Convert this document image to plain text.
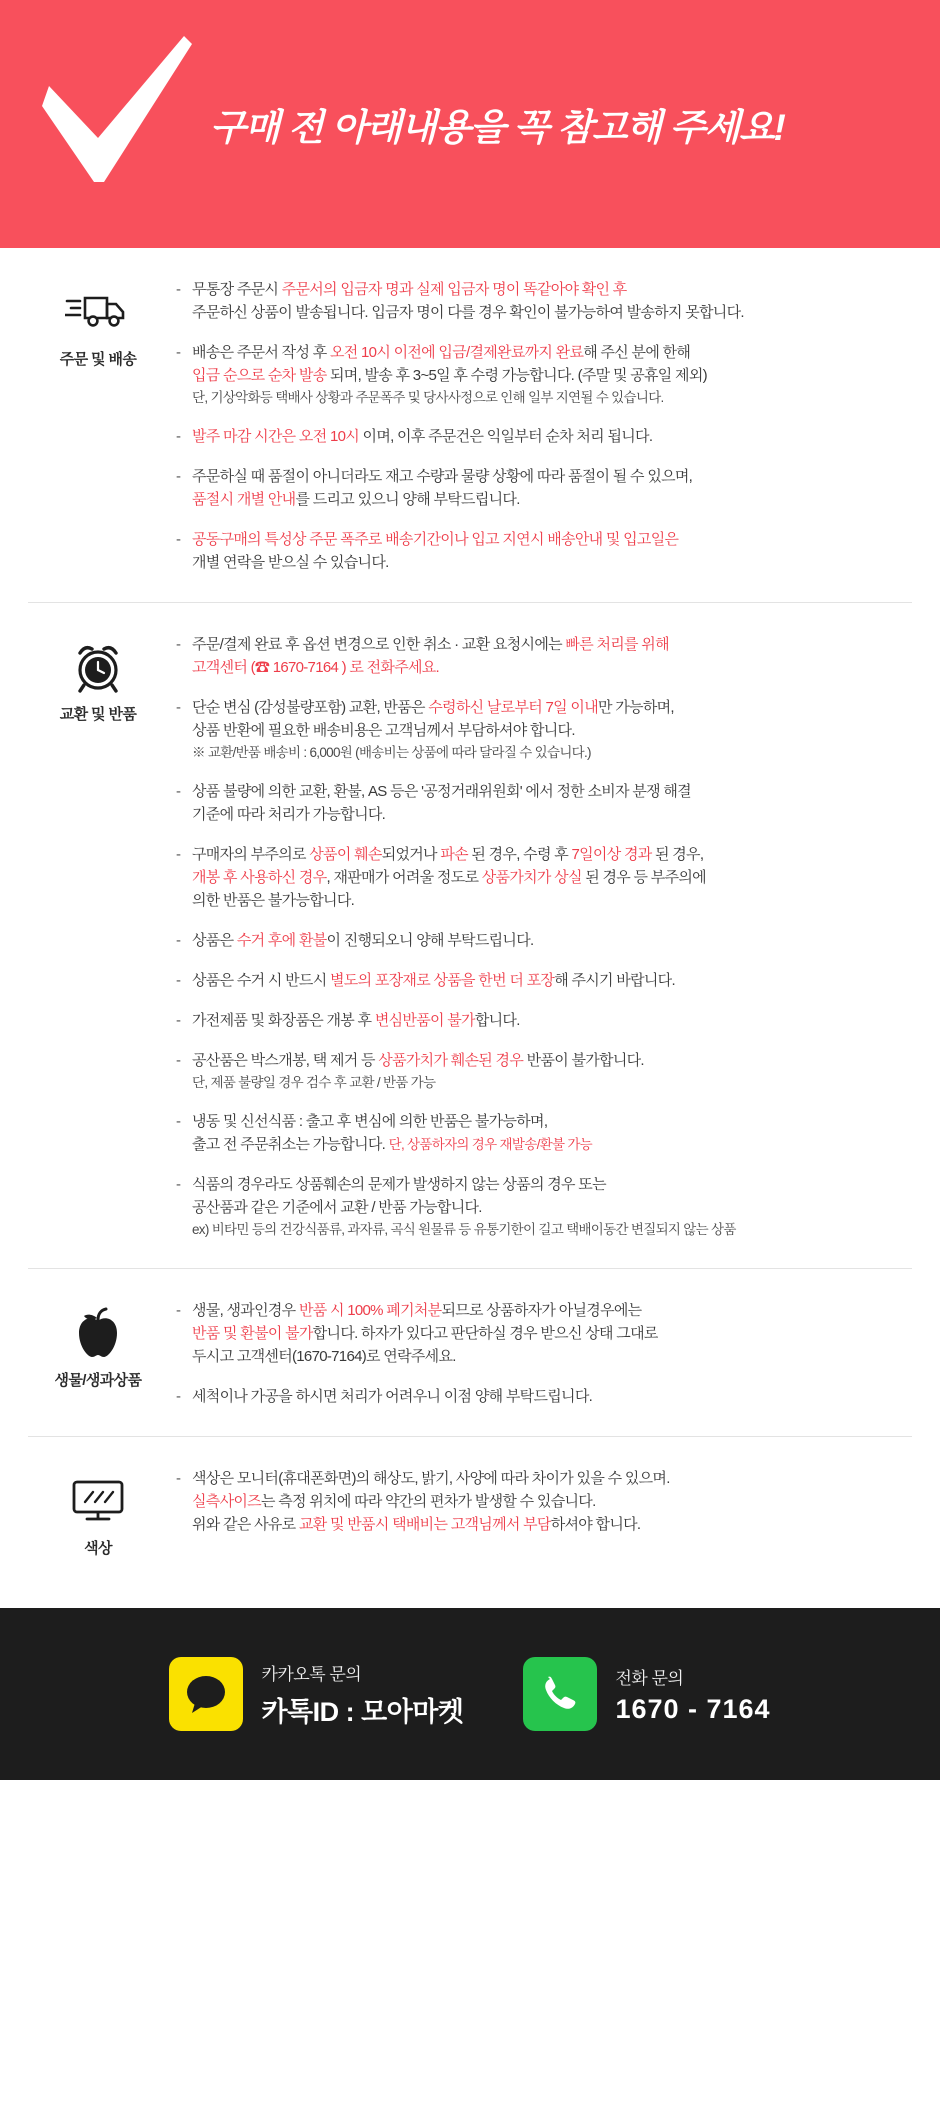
구매 전 아래내용을 꼭 참고해 주세요!
주문 및 배송
- 무통장 주문시 주문서의 입금자 명과 실제 입금자 명이 똑같아야 확인 후
주문하신 상품이 발송됩니다. 입금자 명이 다를 경우 확인이 불가능하여 발송하지 못합니다.
- 배송은 주문서 작성 후 오전 10시 이전에 입금/결제완료까지 완료해 주신 분에 한해
입금 순으로 순차 발송 되며, 발송 후 3~5일 후 수령 가능합니다. (주말 및 공휴일 제외)
단, 기상악화등 택배사 상황과 주문폭주 및 당사사정으로 인해 일부 지연될 수 있습니다.
- 발주 마감 시간은 오전 10시 이며, 이후 주문건은 익일부터 순차 처리 됩니다.
- 주문하실 때 품절이 아니더라도 재고 수량과 물량 상황에 따라 품절이 될 수 있으며,
품절시 개별 안내를 드리고 있으니 양해 부탁드립니다.
- 공동구매의 특성상 주문 폭주로 배송기간이나 입고 지연시 배송안내 및 입고일은
개별 연락을 받으실 수 있습니다.
교환 및 반품
- 주문/결제 완료 후 옵션 변경으로 인한 취소 · 교환 요청시에는 빠른 처리를 위해
고객센터 (☎ 1670-7164 ) 로 전화주세요.
- 단순 변심 (감성불량포함) 교환, 반품은 수령하신 날로부터 7일 이내만 가능하며,
상품 반환에 필요한 배송비용은 고객님께서 부담하셔야 합니다.
※ 교환/반품 배송비 : 6,000원 (배송비는 상품에 따라 달라질 수 있습니다.)
- 상품 불량에 의한 교환, 환불, AS 등은 '공정거래위원회' 에서 정한 소비자 분쟁 해결
기준에 따라 처리가 가능합니다.
- 구매자의 부주의로 상품이 훼손되었거나 파손 된 경우, 수령 후 7일이상 경과 된 경우,
개봉 후 사용하신 경우, 재판매가 어려울 정도로 상품가치가 상실 된 경우 등 부주의에
의한 반품은 불가능합니다.
- 상품은 수거 후에 환불이 진행되오니 양해 부탁드립니다.
- 상품은 수거 시 반드시 별도의 포장재로 상품을 한번 더 포장해 주시기 바랍니다.
- 가전제품 및 화장품은 개봉 후 변심반품이 불가합니다.
- 공산품은 박스개봉, 택 제거 등 상품가치가 훼손된 경우 반품이 불가합니다.
단, 제품 불량일 경우 검수 후 교환 / 반품 가능
- 냉동 및 신선식품 : 출고 후 변심에 의한 반품은 불가능하며,
출고 전 주문취소는 가능합니다. 단, 상품하자의 경우 재발송/환불 가능
- 식품의 경우라도 상품훼손의 문제가 발생하지 않는 상품의 경우 또는
공산품과 같은 기준에서 교환 / 반품 가능합니다.
ex) 비타민 등의 건강식품류, 과자류, 곡식 원물류 등 유통기한이 길고 택배이동간 변질되지 않는 상품
생물/생과상품
- 생물, 생과인경우 반품 시 100% 폐기처분되므로 상품하자가 아닐경우에는
반품 및 환불이 불가합니다. 하자가 있다고 판단하실 경우 받으신 상태 그대로
두시고 고객센터(1670-7164)로 연락주세요.
- 세척이나 가공을 하시면 처리가 어려우니 이점 양해 부탁드립니다.
색상
- 색상은 모니터(휴대폰화면)의 해상도, 밝기, 사양에 따라 차이가 있을 수 있으며.
실측사이즈는 측정 위치에 따라 약간의 편차가 발생할 수 있습니다.
위와 같은 사유로 교환 및 반품시 택배비는 고객님께서 부담하셔야 합니다.
카카오톡 문의
카톡ID : 모아마켓
전화 문의
1670 - 7164
